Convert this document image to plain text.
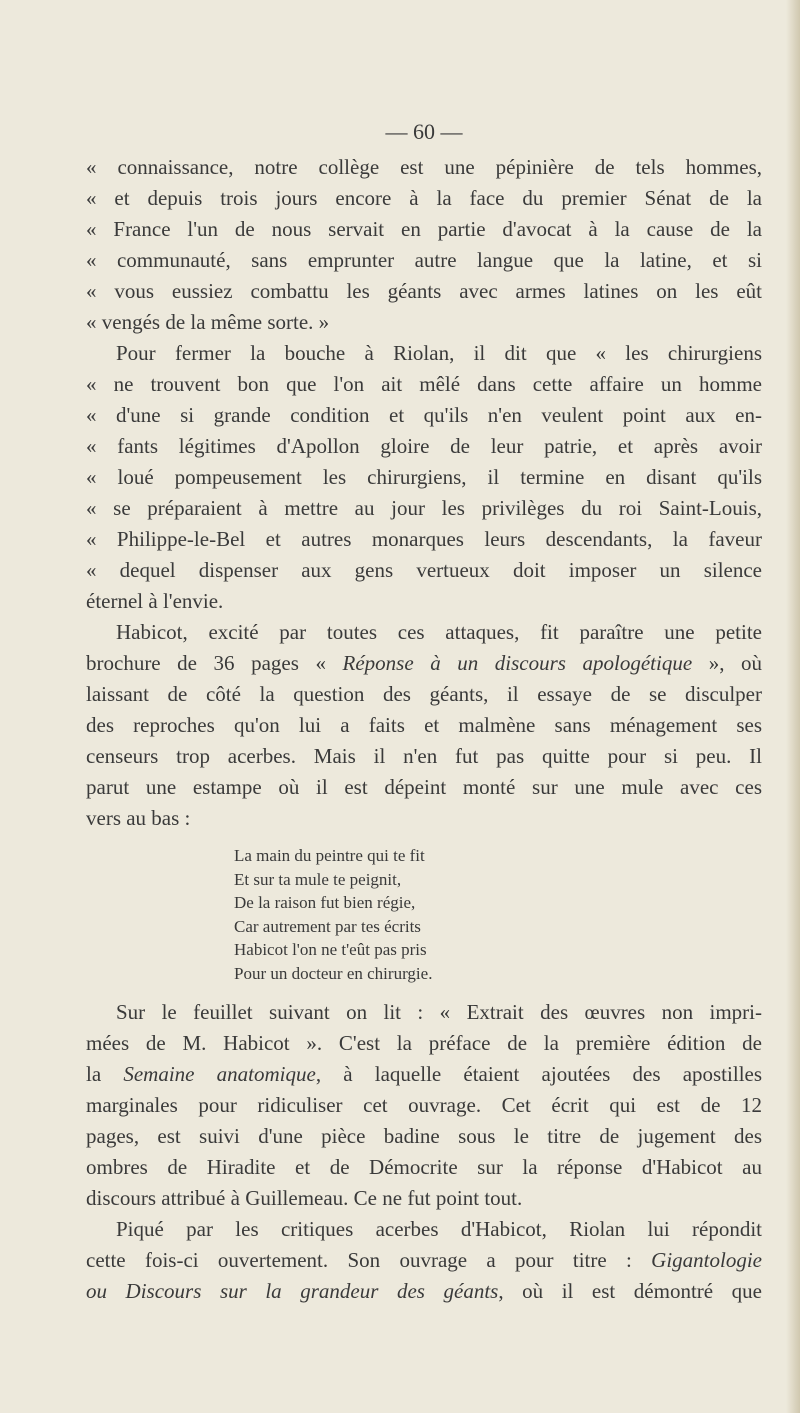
— 60 —
« connaissance, notre collège est une pépinière de tels hommes,
« et depuis trois jours encore à la face du premier Sénat de la
« France l'un de nous servait en partie d'avocat à la cause de la
« communauté, sans emprunter autre langue que la latine, et si
« vous eussiez combattu les géants avec armes latines on les eût
« vengés de la même sorte. »
Pour fermer la bouche à Riolan, il dit que « les chirurgiens
« ne trouvent bon que l'on ait mêlé dans cette affaire un homme
« d'une si grande condition et qu'ils n'en veulent point aux en-
« fants légitimes d'Apollon gloire de leur patrie, et après avoir
« loué pompeusement les chirurgiens, il termine en disant qu'ils
« se préparaient à mettre au jour les privilèges du roi Saint-Louis,
« Philippe-le-Bel et autres monarques leurs descendants, la faveur
« dequel dispenser aux gens vertueux doit imposer un silence
éternel à l'envie.
Habicot, excité par toutes ces attaques, fit paraître une petite
brochure de 36 pages « Réponse à un discours apologétique », où
laissant de côté la question des géants, il essaye de se disculper
des reproches qu'on lui a faits et malmène sans ménagement ses
censeurs trop acerbes. Mais il n'en fut pas quitte pour si peu. Il
parut une estampe où il est dépeint monté sur une mule avec ces
vers au bas :
La main du peintre qui te fit
Et sur ta mule te peignit,
De la raison fut bien régie,
Car autrement par tes écrits
Habicot l'on ne t'eût pas pris
Pour un docteur en chirurgie.
Sur le feuillet suivant on lit : « Extrait des œuvres non impri-
mées de M. Habicot ». C'est la préface de la première édition de
la Semaine anatomique, à laquelle étaient ajoutées des apostilles
marginales pour ridiculiser cet ouvrage. Cet écrit qui est de 12
pages, est suivi d'une pièce badine sous le titre de jugement des
ombres de Hiradite et de Démocrite sur la réponse d'Habicot au
discours attribué à Guillemeau. Ce ne fut point tout.
Piqué par les critiques acerbes d'Habicot, Riolan lui répondit
cette fois-ci ouvertement. Son ouvrage a pour titre : Gigantologie
ou Discours sur la grandeur des géants, où il est démontré que
